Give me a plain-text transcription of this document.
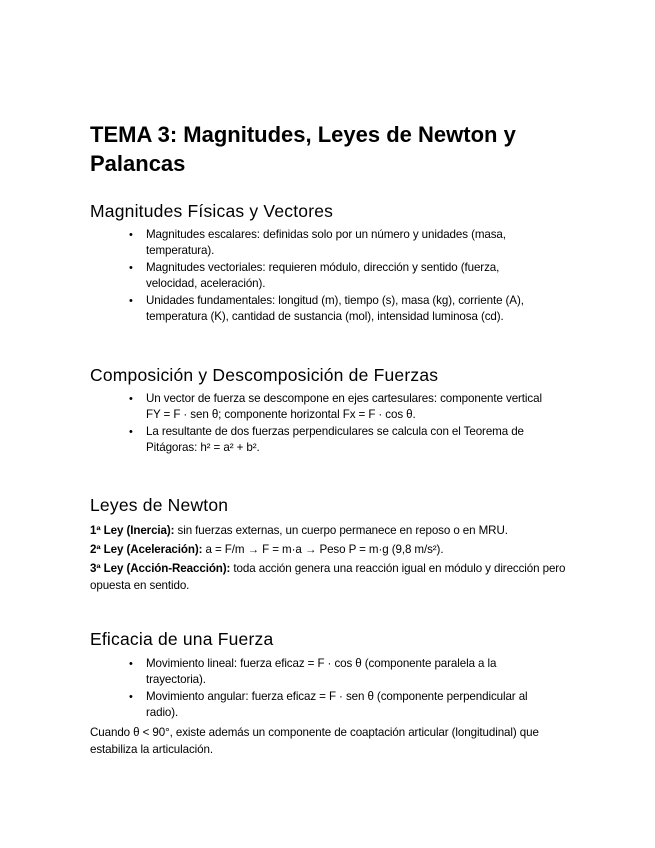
TEMA 3: Magnitudes, Leyes de Newton y Palancas
Magnitudes Físicas y Vectores
• Magnitudes escalares: definidas solo por un número y unidades (masa,
temperatura).
• Magnitudes vectoriales: requieren módulo, dirección y sentido (fuerza,
velocidad, aceleración).
• Unidades fundamentales: longitud (m), tiempo (s), masa (kg), corriente (A),
temperatura (K), cantidad de sustancia (mol), intensidad luminosa (cd).
Composición y Descomposición de Fuerzas
• Un vector de fuerza se descompone en ejes cartesulares: componente vertical
FY = F · sen θ; componente horizontal Fx = F · cos θ.
• La resultante de dos fuerzas perpendiculares se calcula con el Teorema de
Pitágoras: h² = a² + b².
Leyes de Newton

1ª Ley (Inercia): sin fuerzas externas, un cuerpo permanece en reposo o en MRU.

2ª Ley (Aceleración): a = F/m → F = m·a → Peso P = m·g (9,8 m/s²).

3ª Ley (Acción-Reacción): toda acción genera una reacción igual en módulo y dirección pero opuesta en sentido.

Eficacia de una Fuerza
• Movimiento lineal: fuerza eficaz = F · cos θ (componente paralela a la
trayectoria).
• Movimiento angular: fuerza eficaz = F · sen θ (componente perpendicular al
radio).

Cuando θ < 90°, existe además un componente de coaptación articular (longitudinal) que estabiliza la articulación.
